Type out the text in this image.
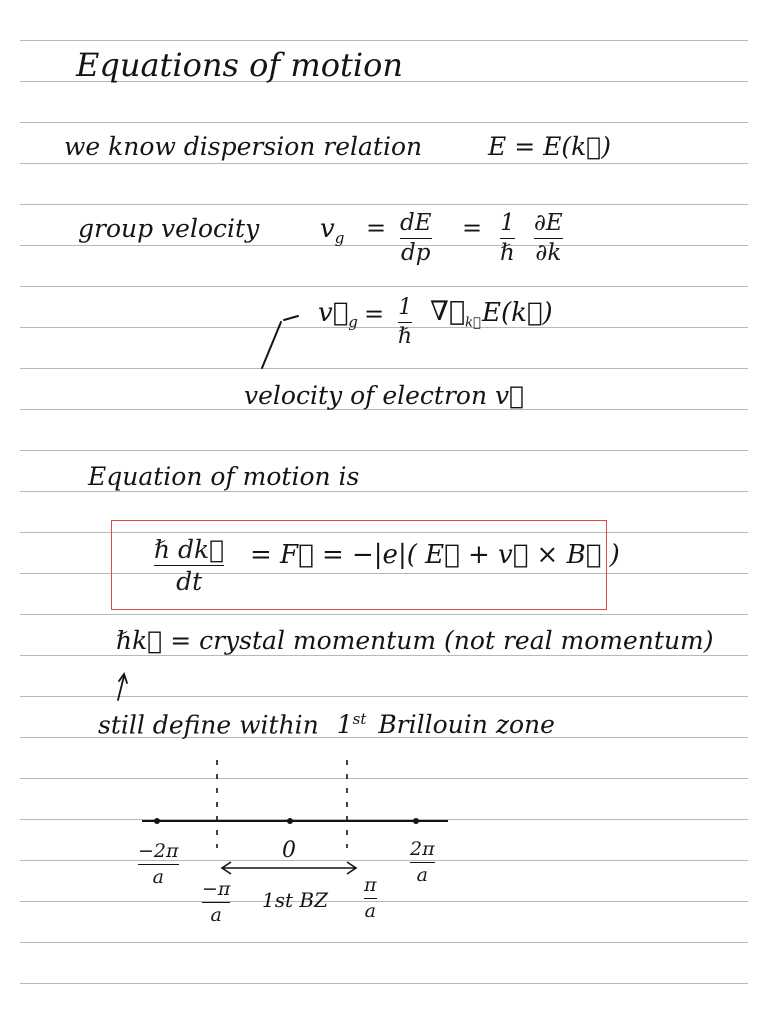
Equations of motion
we know dispersion relation	E = E(k⃗)
group velocity $v_g$ = dE
dp
= 1
ℏ
∂E
∂k
$v⃗_g = 1$
ℏ
$\nabla⃗_{k⃗}$ E(k⃗)
velocity of electron v⃗
Equation of motion is
ℏ dk⃗
dt
= F⃗ = −|e|( E⃗ + v⃗ × B⃗ )
ℏk⃗ = crystal momentum (not real momentum)
still define within 1st Brillouin zone
−2π
a
0	2π
a
−π
a
1st BZ
π
a
